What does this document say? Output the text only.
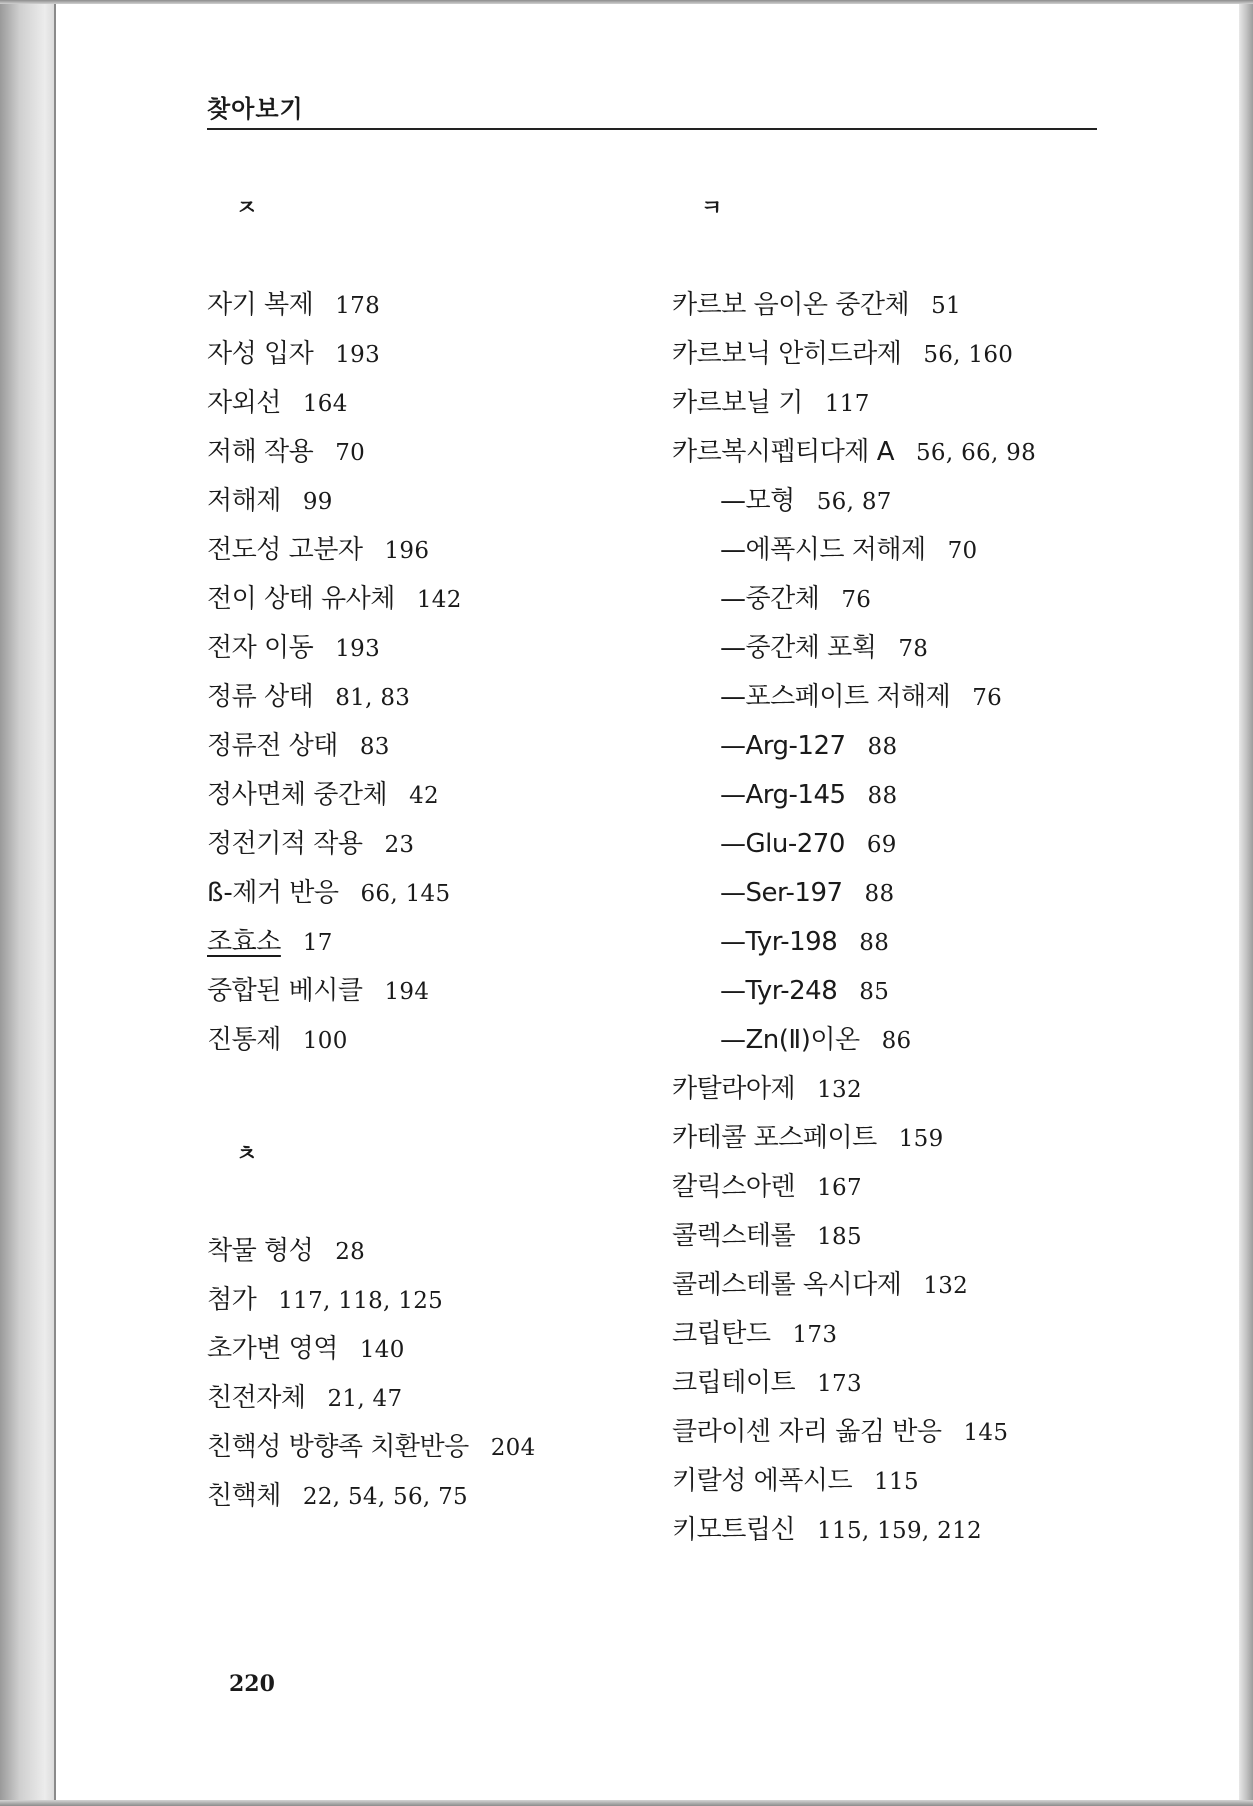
찾아보기
ㅈ
자기 복제 178
자성 입자 193
자외선 164
저해 작용 70
저해제 99
전도성 고분자 196
전이 상태 유사체 142
전자 이동 193
정류 상태 81, 83
정류전 상태 83
정사면체 중간체 42
정전기적 작용 23
ß-제거 반응 66, 145
조효소 17
중합된 베시클 194
진통제 100
ㅊ
착물 형성 28
첨가 117, 118, 125
초가변 영역 140
친전자체 21, 47
친핵성 방향족 치환반응 204
친핵체 22, 54, 56, 75
ㅋ
카르보 음이온 중간체 51
카르보닉 안히드라제 56, 160
카르보닐 기 117
카르복시펩티다제 A 56, 66, 98
—모형 56, 87
—에폭시드 저해제 70
—중간체 76
—중간체 포획 78
—포스페이트 저해제 76
—Arg-127 88
—Arg-145 88
—Glu-270 69
—Ser-197 88
—Tyr-198 88
—Tyr-248 85
—Zn(Ⅱ)이온 86
카탈라아제 132
카테콜 포스페이트 159
칼릭스아렌 167
콜렉스테롤 185
콜레스테롤 옥시다제 132
크립탄드 173
크립테이트 173
클라이센 자리 옮김 반응 145
키랄성 에폭시드 115
키모트립신 115, 159, 212
220
